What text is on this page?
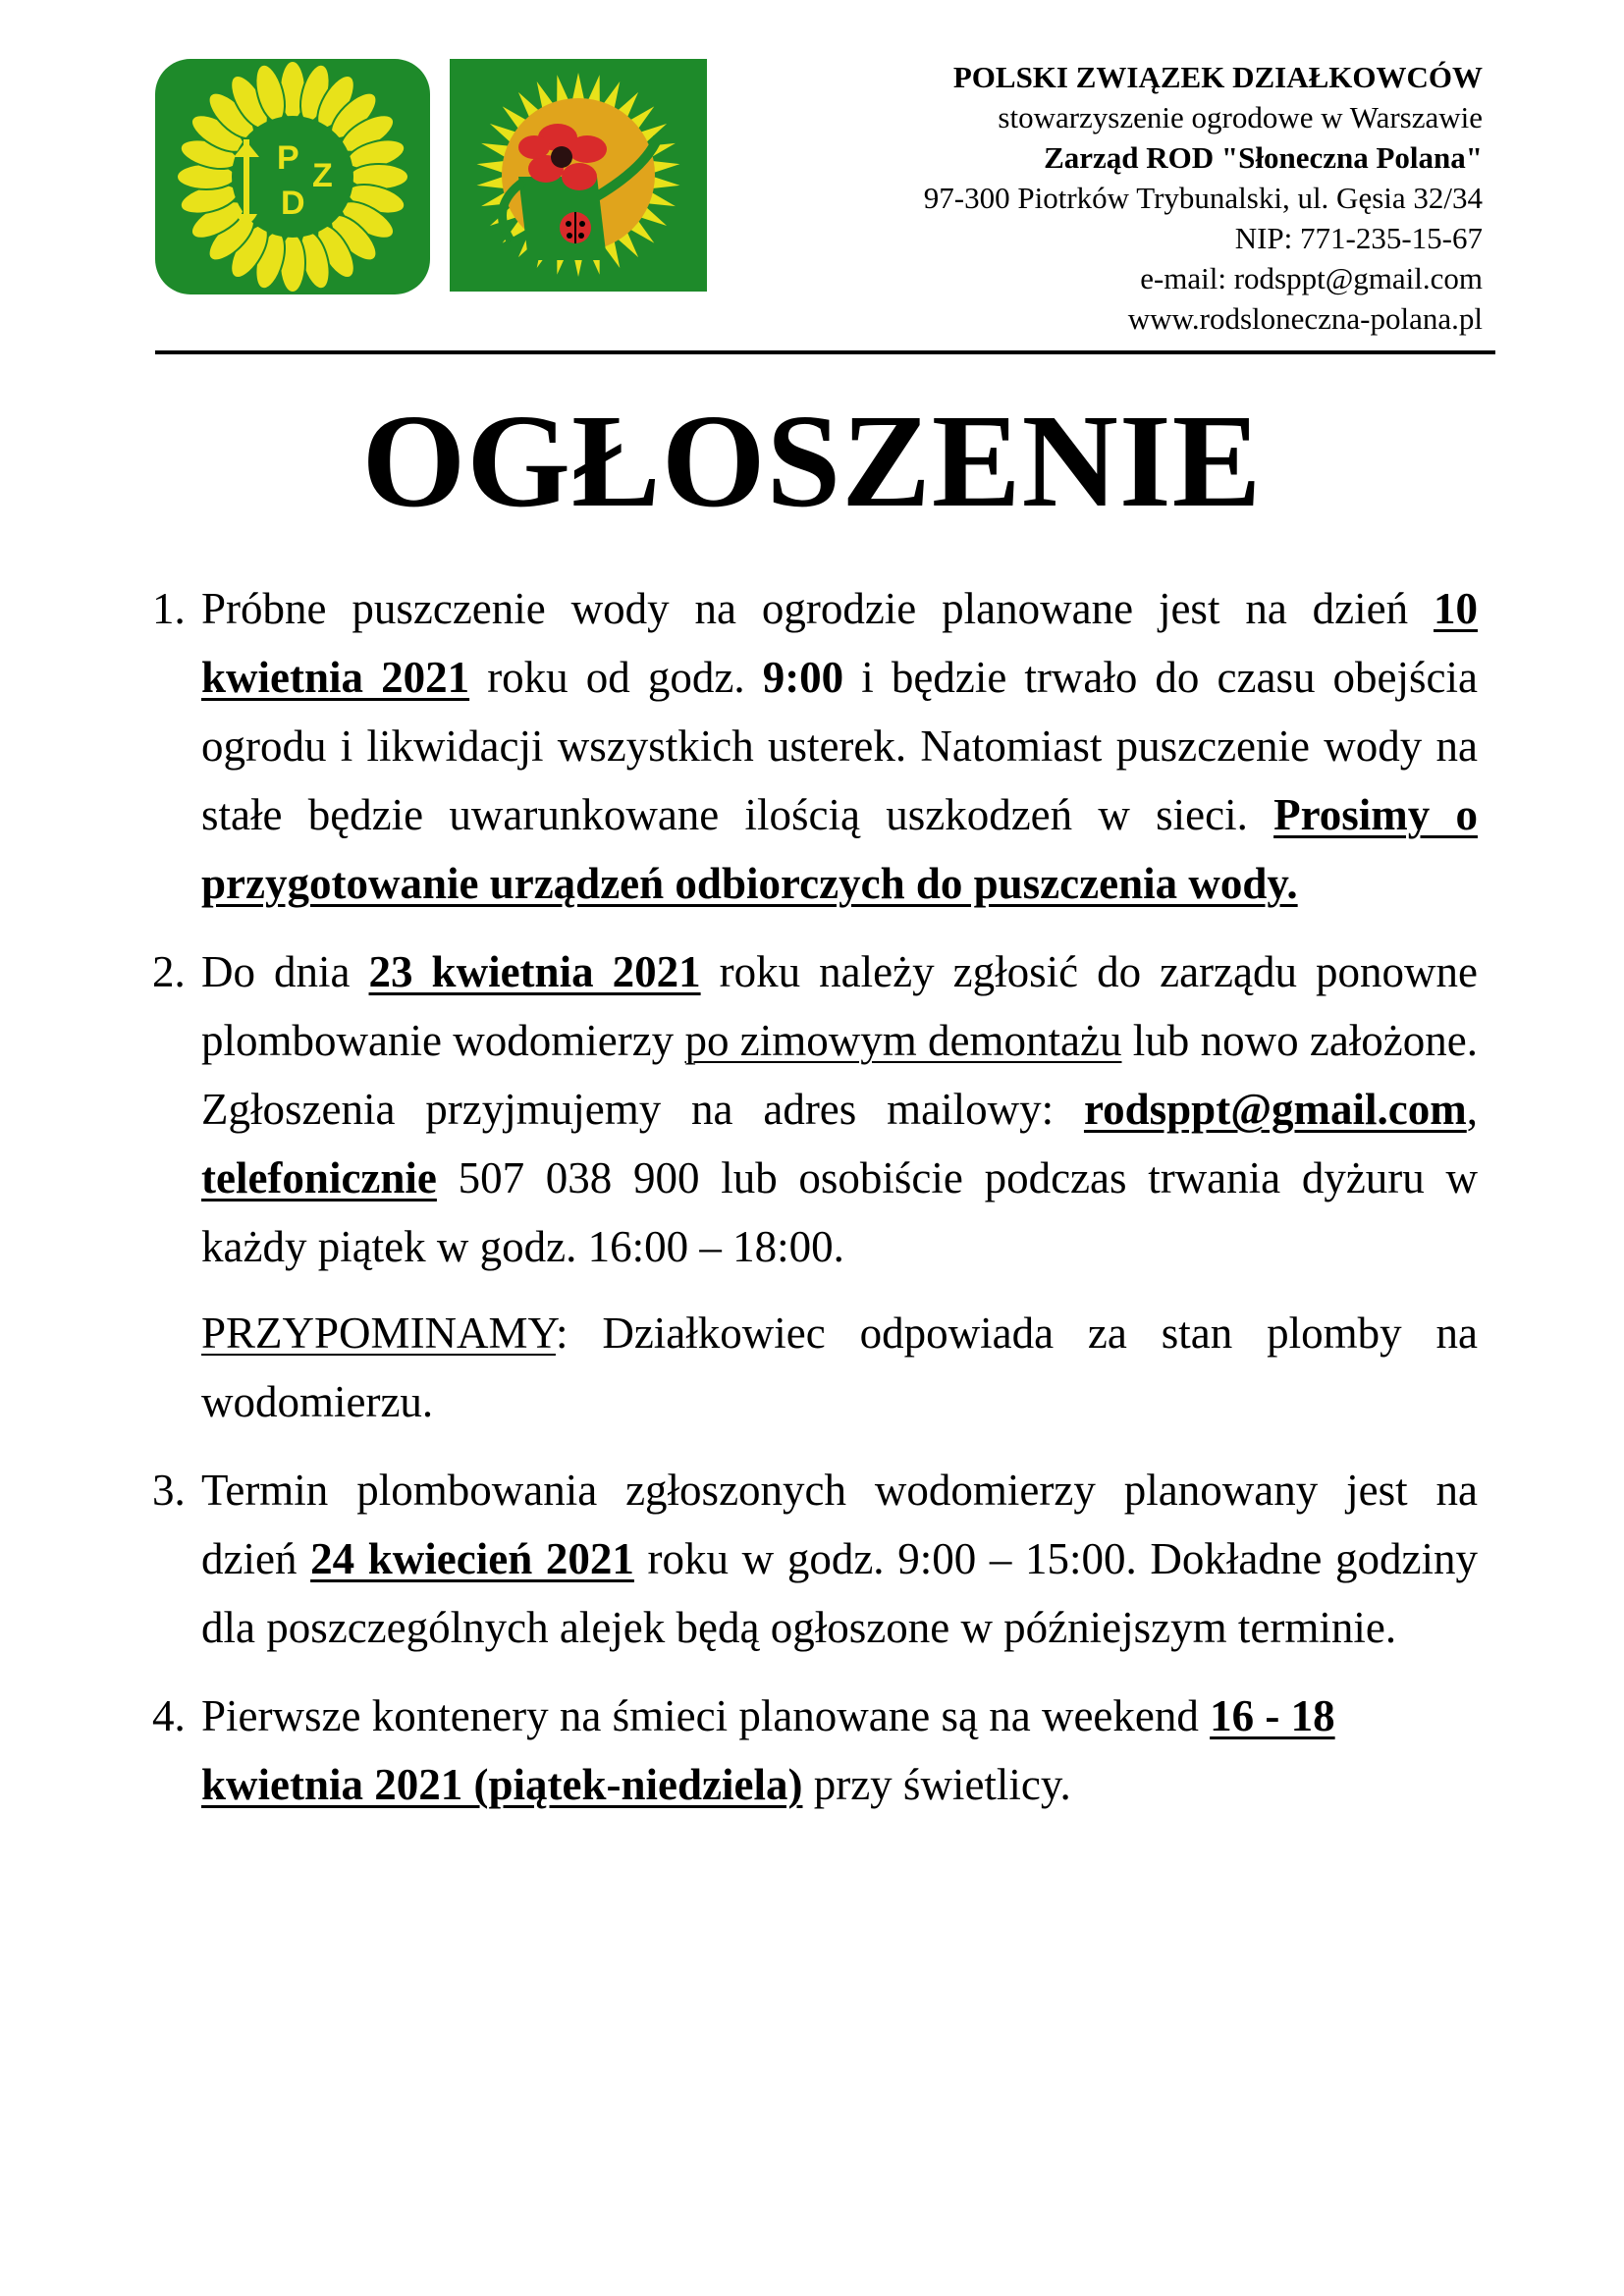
P Z
D
POLSKI ZWIĄZEK DZIAŁKOWCÓW
stowarzyszenie ogrodowe w Warszawie
Zarząd ROD "Słoneczna Polana"
97-300 Piotrków Trybunalski, ul. Gęsia 32/34
NIP: 771-235-15-67
e-mail: rodsppt@gmail.com
www.rodsloneczna-polana.pl
OGŁOSZENIE
1. Próbne puszczenie wody na ogrodzie planowane jest na dzień 10 kwietnia 2021 roku od godz. 9:00 i będzie trwało do czasu obejścia ogrodu i likwidacji wszystkich usterek. Natomiast puszczenie wody na stałe będzie uwarunkowane ilością uszkodzeń w sieci. Prosimy o przygotowanie urządzeń odbiorczych do puszczenia wody.

2. Do dnia 23 kwietnia 2021 roku należy zgłosić do zarządu ponowne plombowanie wodomierzy po zimowym demontażu lub nowo założone. Zgłoszenia przyjmujemy na adres mailowy: rodsppt@gmail.com, telefonicznie 507 038 900 lub osobiście podczas trwania dyżuru w każdy piątek w godz. 16:00 – 18:00.

PRZYPOMINAMY: Działkowiec odpowiada za stan plomby na wodomierzu.

3. Termin plombowania zgłoszonych wodomierzy planowany jest na dzień 24 kwiecień 2021 roku w godz. 9:00 – 15:00. Dokładne godziny dla poszczególnych alejek będą ogłoszone w późniejszym terminie.

4. Pierwsze kontenery na śmieci planowane są na weekend 16 - 18 kwietnia 2021 (piątek-niedziela) przy świetlicy.
